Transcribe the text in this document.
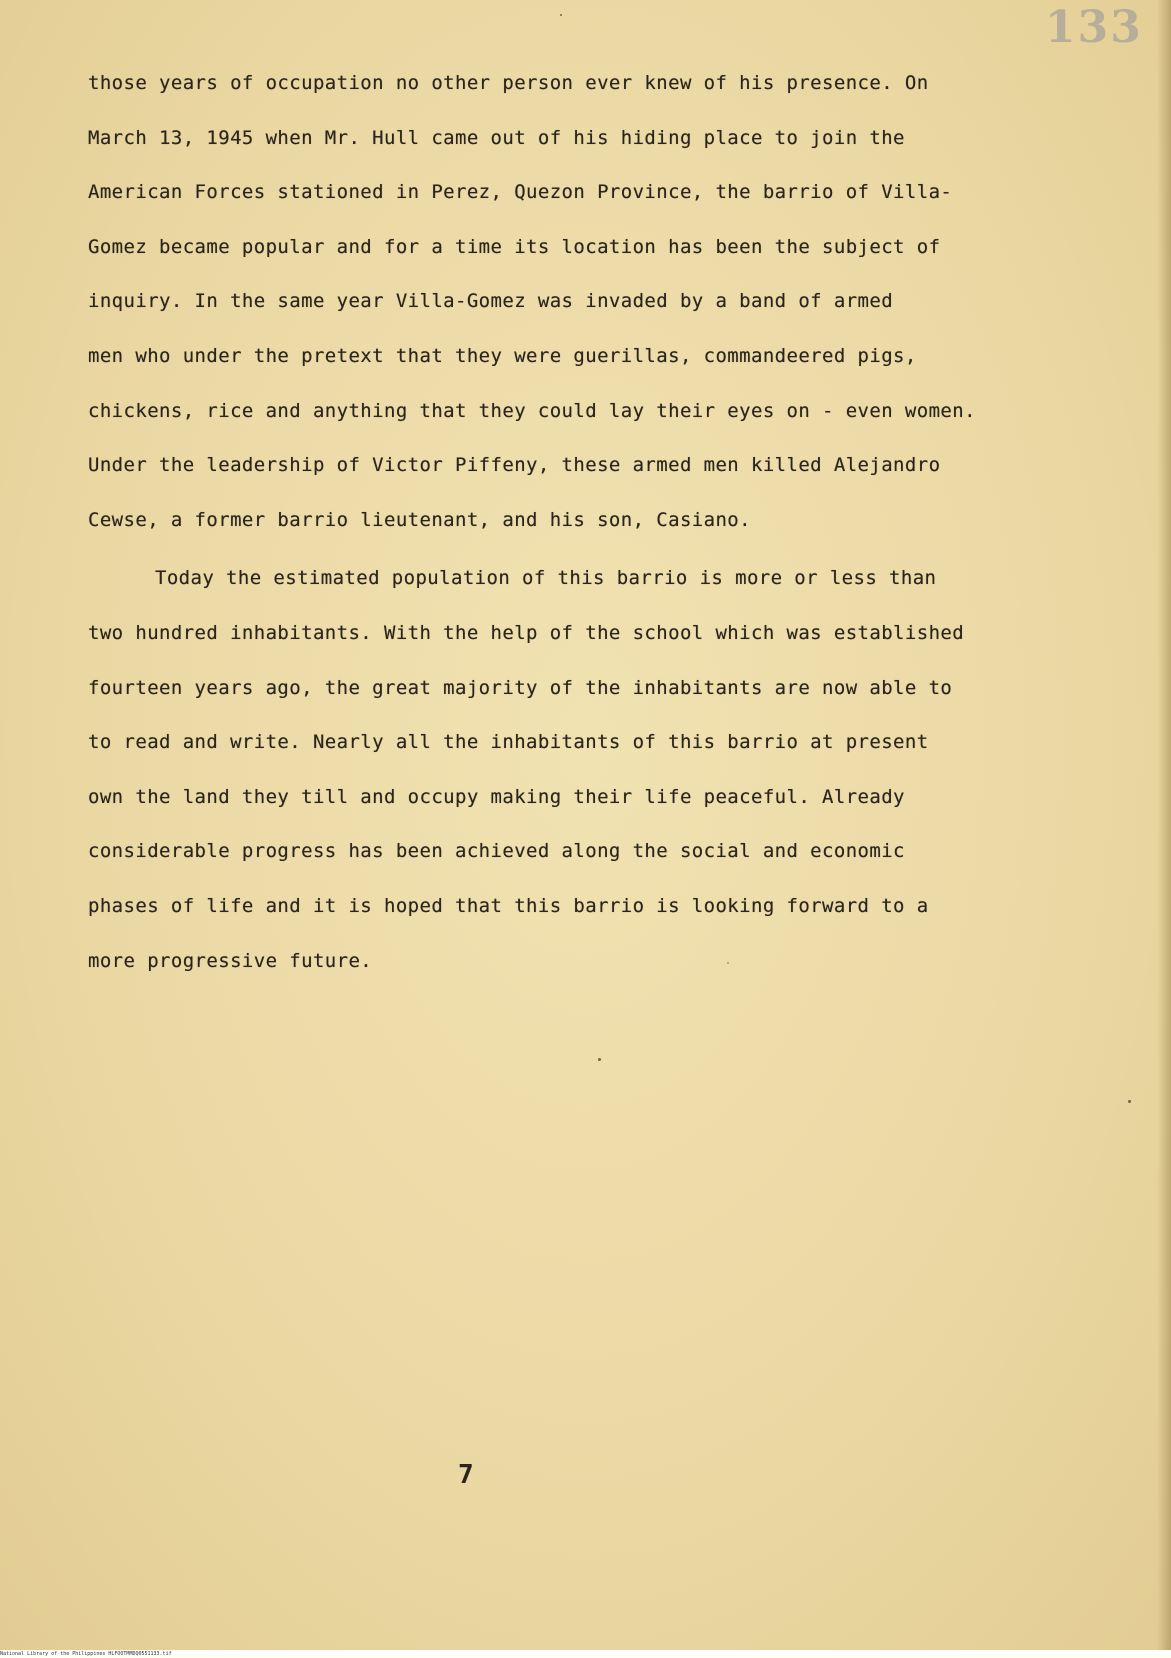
133
those years of occupation no other person ever knew of his presence. On
March 13, 1945 when Mr. Hull came out of his hiding place to join the
American Forces stationed in Perez, Quezon Province, the barrio of Villa-
Gomez became popular and for a time its location has been the subject of
inquiry. In the same year Villa-Gomez was invaded by a band of armed
men who under the pretext that they were guerillas, commandeered pigs,
chickens, rice and anything that they could lay their eyes on - even women.
Under the leadership of Victor Piffeny, these armed men killed Alejandro
Cewse, a former barrio lieutenant, and his son, Casiano.
Today the estimated population of this barrio is more or less than
two hundred inhabitants. With the help of the school which was established
fourteen years ago, the great majority of the inhabitants are now able to
to read and write. Nearly all the inhabitants of this barrio at present
own the land they till and occupy making their life peaceful. Already
considerable progress has been achieved along the social and economic
phases of life and it is hoped that this barrio is looking forward to a
more progressive future.
7
National Library of the Philippines HLFOOTMMDQ0551133.tif
